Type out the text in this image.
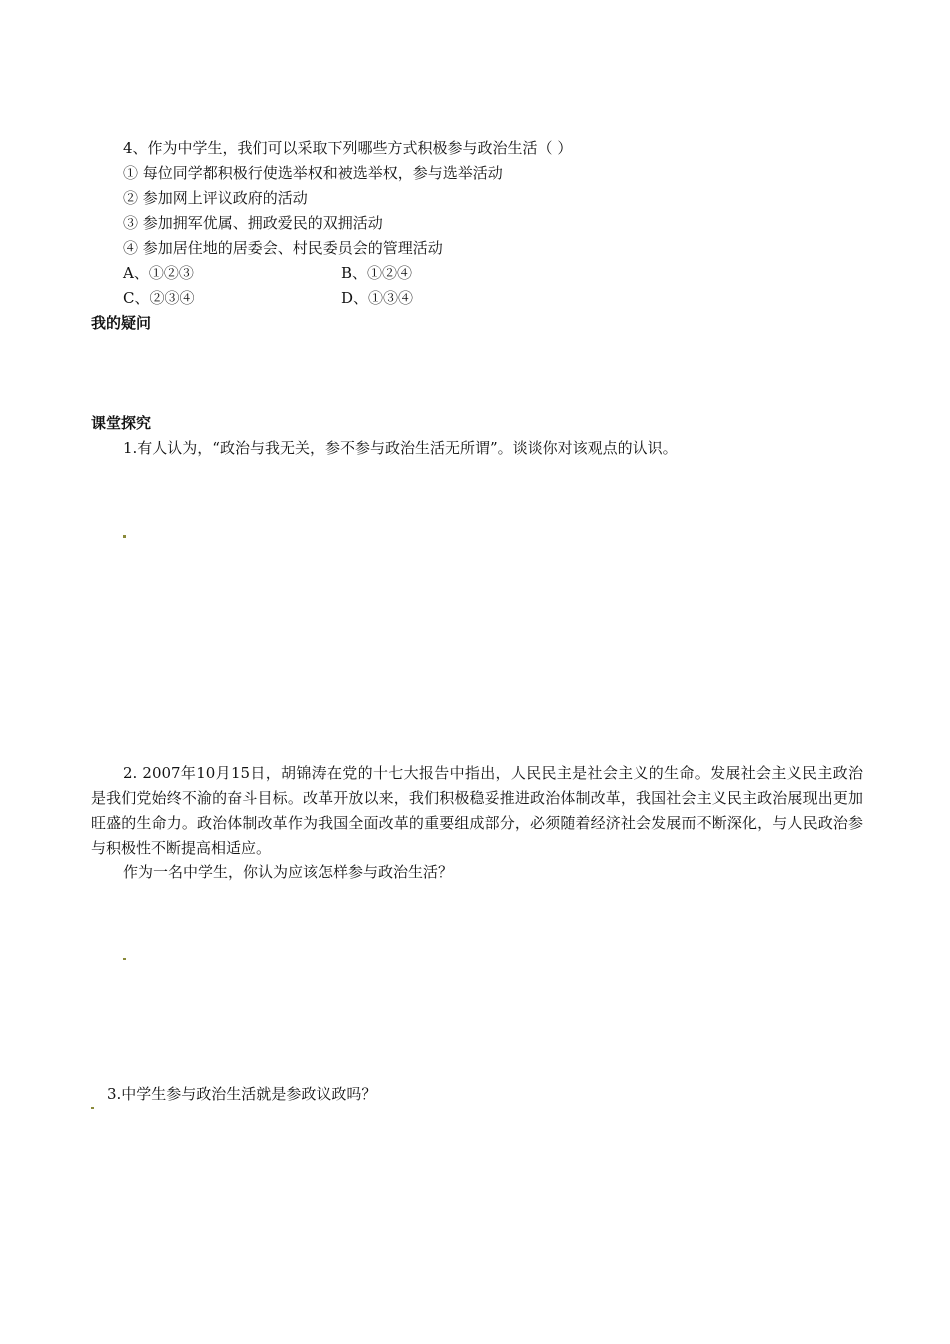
4、作为中学生，我们可以采取下列哪些方式积极参与政治生活（ ）
① 每位同学都积极行使选举权和被选举权，参与选举活动
② 参加网上评议政府的活动
③ 参加拥军优属、拥政爱民的双拥活动
④ 参加居住地的居委会、村民委员会的管理活动
A、①②③	B、①②④
C、②③④	D、①③④
我的疑问
课堂探究
1.有人认为，“政治与我无关，参不参与政治生活无所谓”。谈谈你对该观点的认识。
2. 2007年10月15日，胡锦涛在党的十七大报告中指出，人民民主是社会主义的生命。发展社会主义民主政治是我们党始终不渝的奋斗目标。改革开放以来，我们积极稳妥推进政治体制改革，我国社会主义民主政治展现出更加旺盛的生命力。政治体制改革作为我国全面改革的重要组成部分，必须随着经济社会发展而不断深化，与人民政治参与积极性不断提高相适应。
作为一名中学生，你认为应该怎样参与政治生活？
3.中学生参与政治生活就是参政议政吗？
